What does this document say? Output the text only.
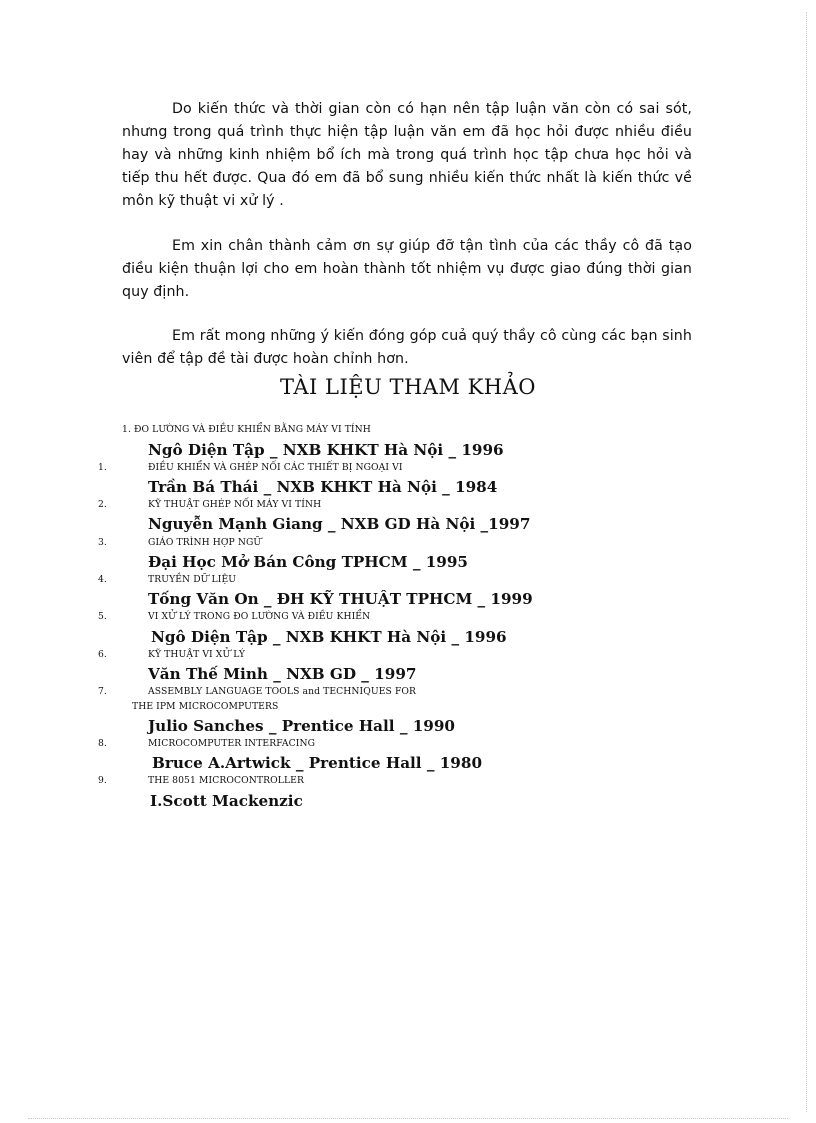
Do kiến thức và thời gian còn có hạn nên tập luận văn còn có sai sót, nhưng trong quá trình thực hiện tập luận văn em đã học hỏi được nhiều điều hay và những kinh nhiệm bổ ích mà trong quá trình học tập chưa học hỏi và tiếp thu hết được. Qua đó em đã bổ sung nhiều kiến thức nhất là kiến thức về môn kỹ thuật vi xử lý .

Em xin chân thành cảm ơn sự giúp đỡ tận tình của các thầy cô đã tạo điều kiện thuận lợi cho em hoàn thành tốt nhiệm vụ được giao đúng thời gian quy định.

Em rất mong những ý kiến đóng góp cuả quý thầy cô cùng các bạn sinh viên để tập đề tài được hoàn chỉnh hơn.

TÀI LIỆU THAM KHẢO
1. ĐO LƯỜNG VÀ ĐIỀU KHIỂN BẰNG MÁY VI TÍNH
Ngô Diện Tập _ NXB KHKT Hà Nội _ 1996
1.	ĐIỀU KHIỂN VÀ GHÉP NỐI CÁC THIẾT BỊ NGOẠI VI
Trần Bá Thái _ NXB KHKT Hà Nội _ 1984
2.	KỸ THUẬT GHÉP NỐI MÁY VI TÍNH
Nguyễn Mạnh Giang _ NXB GD Hà Nội _1997
3.	GIÁO TRÌNH HỢP NGỮ
Đại Học Mở Bán Công TPHCM _ 1995
4.	TRUYỀN DỮ LIỆU
Tống Văn On _ ĐH KỸ THUẬT TPHCM _ 1999
5.	VI XỬ LÝ TRONG ĐO LƯỜNG VÀ ĐIỀU KHIỂN
Ngô Diện Tập _ NXB KHKT Hà Nội _ 1996
6.	KỸ THUẬT VI XỬ LÝ
Văn Thế Minh _ NXB GD _ 1997
7.	ASSEMBLY LANGUAGE TOOLS and TECHNIQUES FOR
THE IPM MICROCOMPUTERS
Julio Sanches _ Prentice Hall _ 1990
8.	MICROCOMPUTER INTERFACING
Bruce A.Artwick _ Prentice Hall _ 1980
9.	THE 8051 MICROCONTROLLER
I.Scott Mackenzic
